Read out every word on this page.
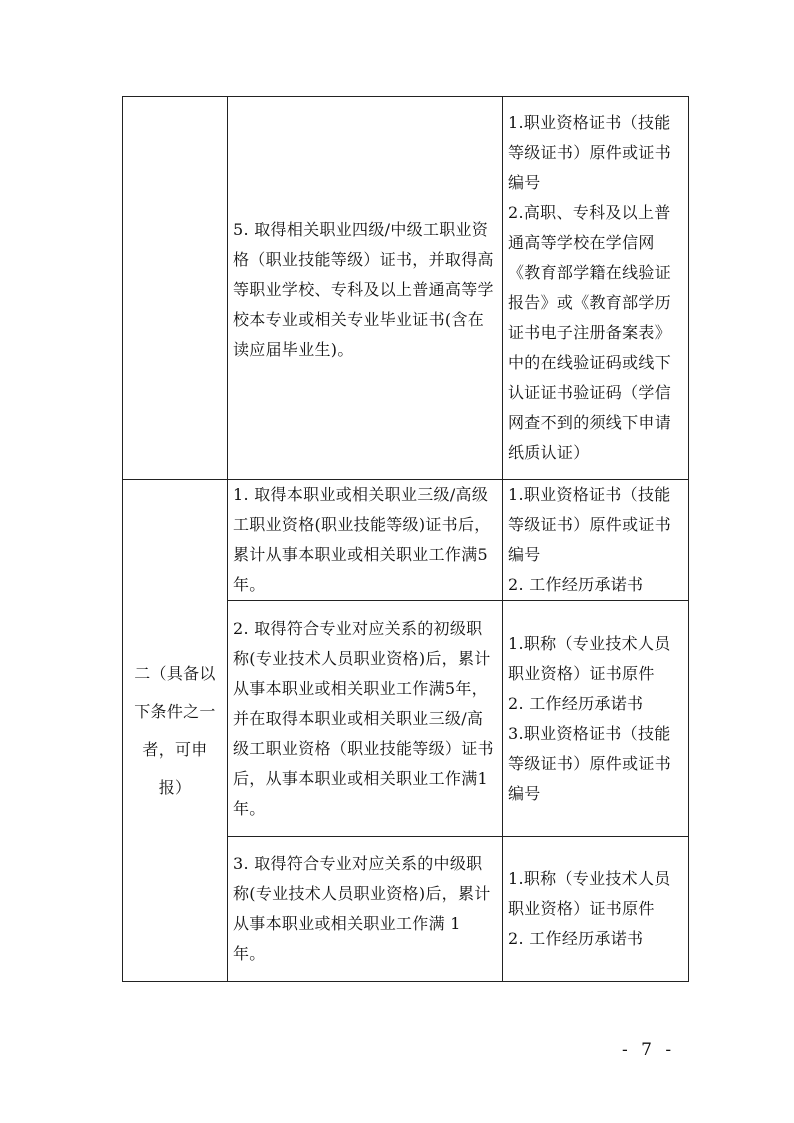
	5. 取得相关职业四级/中级工职业资格（职业技能等级）证书，并取得高等职业学校、专科及以上普通高等学校本专业或相关专业毕业证书(含在读应届毕业生)。	1.职业资格证书（技能等级证书）原件或证书编号
2.高职、专科及以上普通高等学校在学信网《教育部学籍在线验证报告》或《教育部学历证书电子注册备案表》中的在线验证码或线下认证证书验证码（学信网查不到的须线下申请纸质认证）

二（具备以下条件之一者，可申报）	1. 取得本职业或相关职业三级/高级工职业资格(职业技能等级)证书后，累计从事本职业或相关职业工作满5年。	1.职业资格证书（技能等级证书）原件或证书编号
2. 工作经历承诺书

	2. 取得符合专业对应关系的初级职称(专业技术人员职业资格)后，累计从事本职业或相关职业工作满5年，并在取得本职业或相关职业三级/高级工职业资格（职业技能等级）证书后，从事本职业或相关职业工作满1年。	1.职称（专业技术人员职业资格）证书原件
2. 工作经历承诺书
3.职业资格证书（技能等级证书）原件或证书编号

	3. 取得符合专业对应关系的中级职称(专业技术人员职业资格)后，累计从事本职业或相关职业工作满 1 年。	1.职称（专业技术人员职业资格）证书原件
2. 工作经历承诺书
- 7 -
